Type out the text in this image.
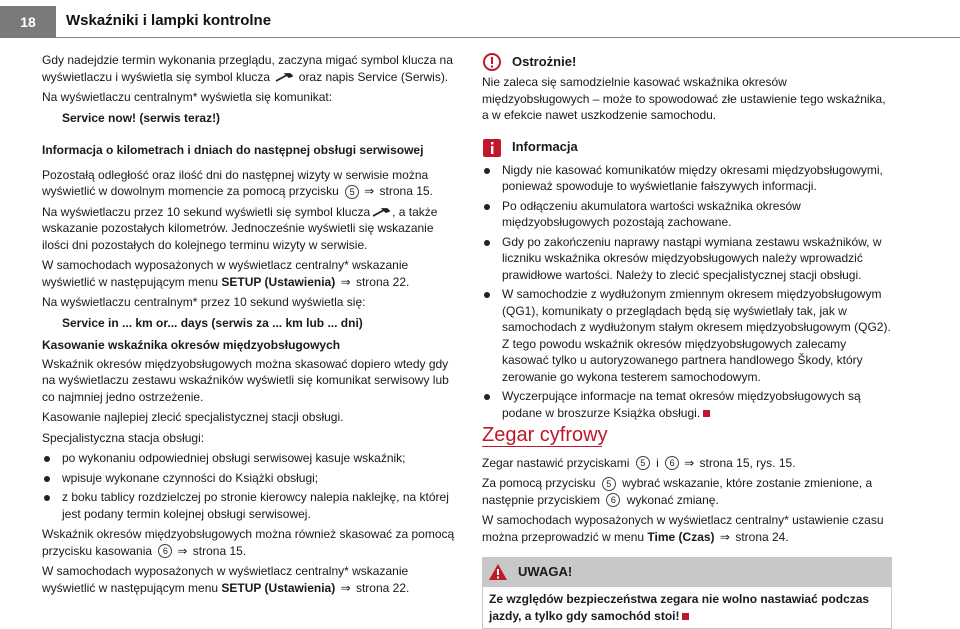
18	Wskaźniki i lampki kontrolne

Gdy nadejdzie termin wykonania przeglądu, zaczyna migać symbol klucza na wyświetlaczu i wyświetla się symbol klucza oraz napis Service (Serwis).

Na wyświetlaczu centralnym* wyświetla się komunikat:

Service now! (serwis teraz!)

Informacja o kilometrach i dniach do następnej obsługi serwisowej

Pozostałą odległość oraz ilość dni do następnej wizyty w serwisie można wyświetlić w dowolnym momencie za pomocą przycisku 5 ⇒ strona 15.

Na wyświetlaczu przez 10 sekund wyświetli się symbol klucza , a także wskazanie pozostałych kilometrów. Jednocześnie wyświetli się wskazanie ilości dni pozostałych do kolejnego terminu wizyty w serwisie.

W samochodach wyposażonych w wyświetlacz centralny* wskazanie wyświetlić w następującym menu SETUP (Ustawienia) ⇒ strona 22.

Na wyświetlaczu centralnym* przez 10 sekund wyświetla się:

Service in ... km or... days (serwis za ... km lub ... dni)

Kasowanie wskaźnika okresów międzyobsługowych

Wskaźnik okresów międzyobsługowych można skasować dopiero wtedy gdy na wyświetlaczu zestawu wskaźników wyświetli się komunikat serwisowy lub co najmniej jedno ostrzeżenie.

Kasowanie najlepiej zlecić specjalistycznej stacji obsługi.

Specjalistyczna stacja obsługi:

po wykonaniu odpowiedniej obsługi serwisowej kasuje wskaźnik;
wpisuje wykonane czynności do Książki obsługi;
z boku tablicy rozdzielczej po stronie kierowcy nalepia naklejkę, na której jest podany termin kolejnej obsługi serwisowej.

Wskaźnik okresów międzyobsługowych można również skasować za pomocą przycisku kasowania 6 ⇒ strona 15.

W samochodach wyposażonych w wyświetlacz centralny* wskazanie wyświetlić w następującym menu SETUP (Ustawienia) ⇒ strona 22.

Ostrożnie!

Nie zaleca się samodzielnie kasować wskaźnika okresów międzyobsługowych – może to spowodować złe ustawienie tego wskaźnika, a w efekcie nawet uszkodzenie samochodu.

Informacja
Nigdy nie kasować komunikatów między okresami międzyobsługowymi, ponieważ spowoduje to wyświetlanie fałszywych informacji.
Po odłączeniu akumulatora wartości wskaźnika okresów międzyobsługowych pozostają zachowane.
Gdy po zakończeniu naprawy nastąpi wymiana zestawu wskaźników, w liczniku wskaźnika okresów międzyobsługowych należy wprowadzić prawidłowe wartości. Należy to zlecić specjalistycznej stacji obsługi.
W samochodzie z wydłużonym zmiennym okresem międzyobsługowym (QG1), komunikaty o przeglądach będą się wyświetlały tak, jak w samochodach z wydłużonym stałym okresem międzyobsługowym (QG2). Z tego powodu wskaźnik okresów międzyobsługowych zalecamy kasować tylko u autoryzowanego partnera handlowego Škody, który zerowanie go wykona testerem samochodowym.
Wyczerpujące informacje na temat okresów międzyobsługowych są podane w broszurze Książka obsługi.

Zegar cyfrowy

Zegar nastawić przyciskami 5 i 6 ⇒ strona 15, rys. 15.

Za pomocą przycisku 5 wybrać wskazanie, które zostanie zmienione, a następnie przyciskiem 6 wykonać zmianę.

W samochodach wyposażonych w wyświetlacz centralny* ustawienie czasu można przeprowadzić w menu Time (Czas) ⇒ strona 24.

UWAGA!
Ze względów bezpieczeństwa zegara nie wolno nastawiać podczas jazdy, a tylko gdy samochód stoi!
